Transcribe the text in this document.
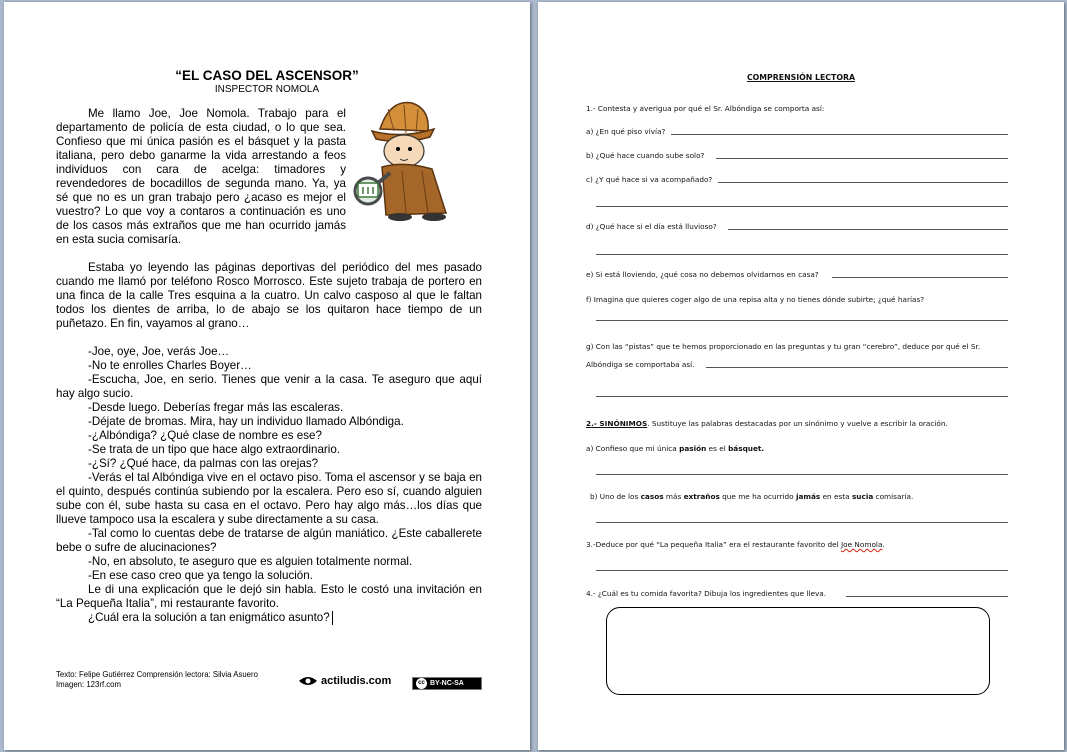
“EL CASO DEL ASCENSOR”
INSPECTOR NOMOLA

Me llamo Joe, Joe Nomola. Trabajo para el departamento de policía de esta ciudad, o lo que sea. Confieso que mi única pasión es el básquet y la pasta italiana, pero debo ganarme la vida arrestando a feos individuos con cara de acelga: timadores y revendedores de bocadillos de segunda mano. Ya, ya sé que no es un gran trabajo pero ¿acaso es mejor el vuestro? Lo que voy a contaros a continuación es uno de los casos más extraños que me han ocurrido jamás en esta sucia comisaría.

Estaba yo leyendo las páginas deportivas del periódico del mes pasado cuando me llamó por teléfono Rosco Morrosco. Este sujeto trabaja de portero en una finca de la calle Tres esquina a la cuatro. Un calvo casposo al que le faltan todos los dientes de arriba, lo de abajo se los quitaron hace tiempo de un puñetazo. En fin, vayamos al grano…

-Joe, oye, Joe, verás Joe…

-No te enrolles Charles Boyer…

-Escucha, Joe, en serio. Tienes que venir a la casa. Te aseguro que aquí hay algo sucio.

-Desde luego. Deberías fregar más las escaleras.

-Déjate de bromas. Mira, hay un individuo llamado Albóndiga.

-¿Albóndiga? ¿Qué clase de nombre es ese?

-Se trata de un tipo que hace algo extraordinario.

-¿Sí? ¿Qué hace, da palmas con las orejas?

-Verás el tal Albóndiga vive en el octavo piso. Toma el ascensor y se baja en el quinto, después continúa subiendo por la escalera. Pero eso sí, cuando alguien sube con él, sube hasta su casa en el octavo. Pero hay algo más…los días que llueve tampoco usa la escalera y sube directamente a su casa.

-Tal como lo cuentas debe de tratarse de algún maniático. ¿Este caballerete bebe o sufre de alucinaciones?

-No, en absoluto, te aseguro que es alguien totalmente normal.

-En ese caso creo que ya tengo la solución.

Le di una explicación que le dejó sin habla. Esto le costó una invitación en “La Pequeña Italia”, mi restaurante favorito.

¿Cuál era la solución a tan enigmático asunto?

Texto: Felipe Gutiérrez Comprensión lectora: Silvia Asuero
Imagen: 123rf.com	actiludis.com	cc BY-NC-SA
COMPRENSIÓN LECTORA
1.- Contesta y averigua por qué el Sr. Albóndiga se comporta así:
a) ¿En qué piso vivía?
b) ¿Qué hace cuando sube solo?
c) ¿Y qué hace si va acompañado?
d) ¿Qué hace si el día está lluvioso?
e) Si está lloviendo, ¿qué cosa no debemos olvidarnos en casa?
f) Imagina que quieres coger algo de una repisa alta y no tienes dónde subirte; ¿qué harías?
g) Con las “pistas” que te hemos proporcionado en las preguntas y tu gran “cerebro”, deduce por qué el Sr.
Albóndiga se comportaba así.
2.- SINÓNIMOS. Sustituye las palabras destacadas por un sinónimo y vuelve a escribir la oración.
a) Confieso que mi única pasión es el básquet.
b) Uno de los casos más extraños que me ha ocurrido jamás en esta sucia comisaría.
3.-Deduce por qué “La pequeña Italia” era el restaurante favorito del Joe Nomola.
4.- ¿Cuál es tu comida favorita? Dibuja los ingredientes que lleva.
